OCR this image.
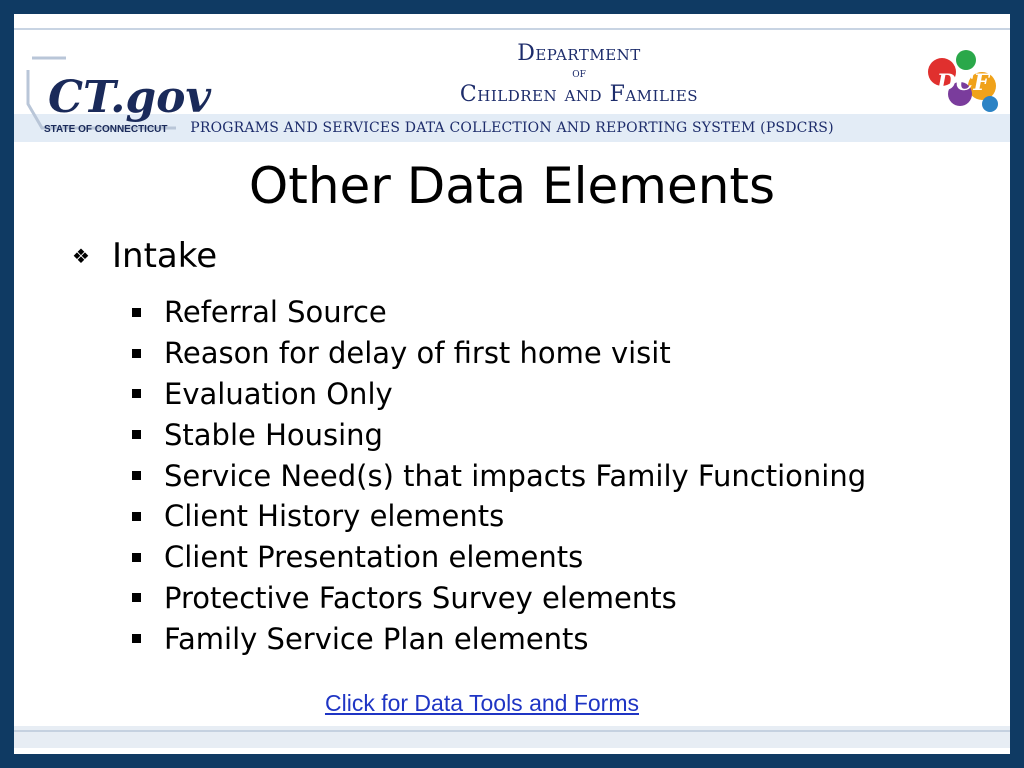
CT.gov
STATE OF CONNECTICUT
Department
of
Children and Families	DCF
PROGRAMS AND SERVICES DATA COLLECTION AND REPORTING SYSTEM (PSDCRS)
Other Data Elements
❖ Intake
Referral Source
Reason for delay of first home visit
Evaluation Only
Stable Housing
Service Need(s) that impacts Family Functioning
Client History elements
Client Presentation elements
Protective Factors Survey elements
Family Service Plan elements
Click for Data Tools and Forms
